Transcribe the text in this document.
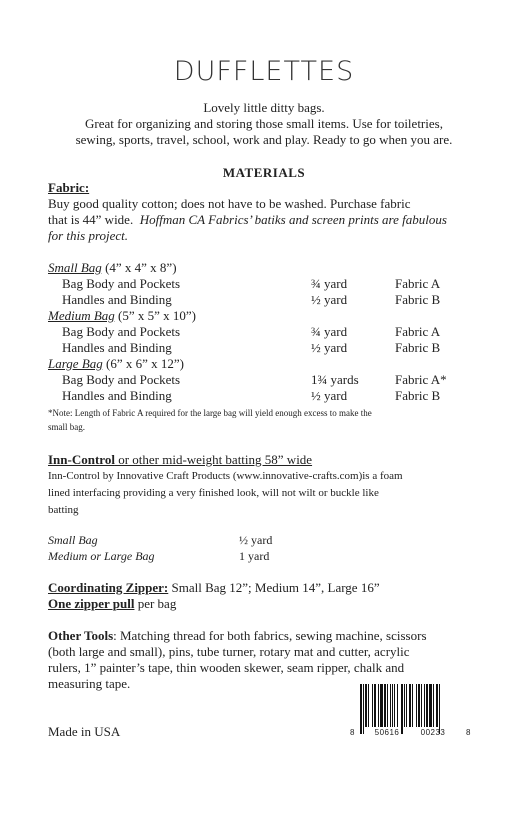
DUFFLETTES
Lovely little ditty bags.
Great for organizing and storing those small items. Use for toiletries,
sewing, sports, travel, school, work and play. Ready to go when you are.
MATERIALS
Fabric:
Buy good quality cotton; does not have to be washed. Purchase fabric
that is 44” wide. Hoffman CA Fabrics’ batiks and screen prints are fabulous
for this project.
Small Bag (4” x 4” x 8”)
Bag Body and Pockets	¾ yard	Fabric A
Handles and Binding	½ yard	Fabric B
Medium Bag (5” x 5” x 10”)
Bag Body and Pockets	¾ yard	Fabric A
Handles and Binding	½ yard	Fabric B
Large Bag (6” x 6” x 12”)
Bag Body and Pockets	1¾ yards	Fabric A*
Handles and Binding	½ yard	Fabric B
*Note: Length of Fabric A required for the large bag will yield enough excess to make the
small bag.
Inn-Control or other mid-weight batting 58” wide
Inn-Control by Innovative Craft Products (www.innovative-crafts.com)is a foam
lined interfacing providing a very finished look, will not wilt or buckle like
batting
Small Bag	½ yard
Medium or Large Bag	1 yard
Coordinating Zipper: Small Bag 12”; Medium 14”, Large 16”
One zipper pull per bag
Other Tools: Matching thread for both fabrics, sewing machine, scissors
(both large and small), pins, tube turner, rotary mat and cutter, acrylic
rulers, 1” painter’s tape, thin wooden skewer, seam ripper, chalk and
measuring tape.
Made in USA	8	50616	00233	8
